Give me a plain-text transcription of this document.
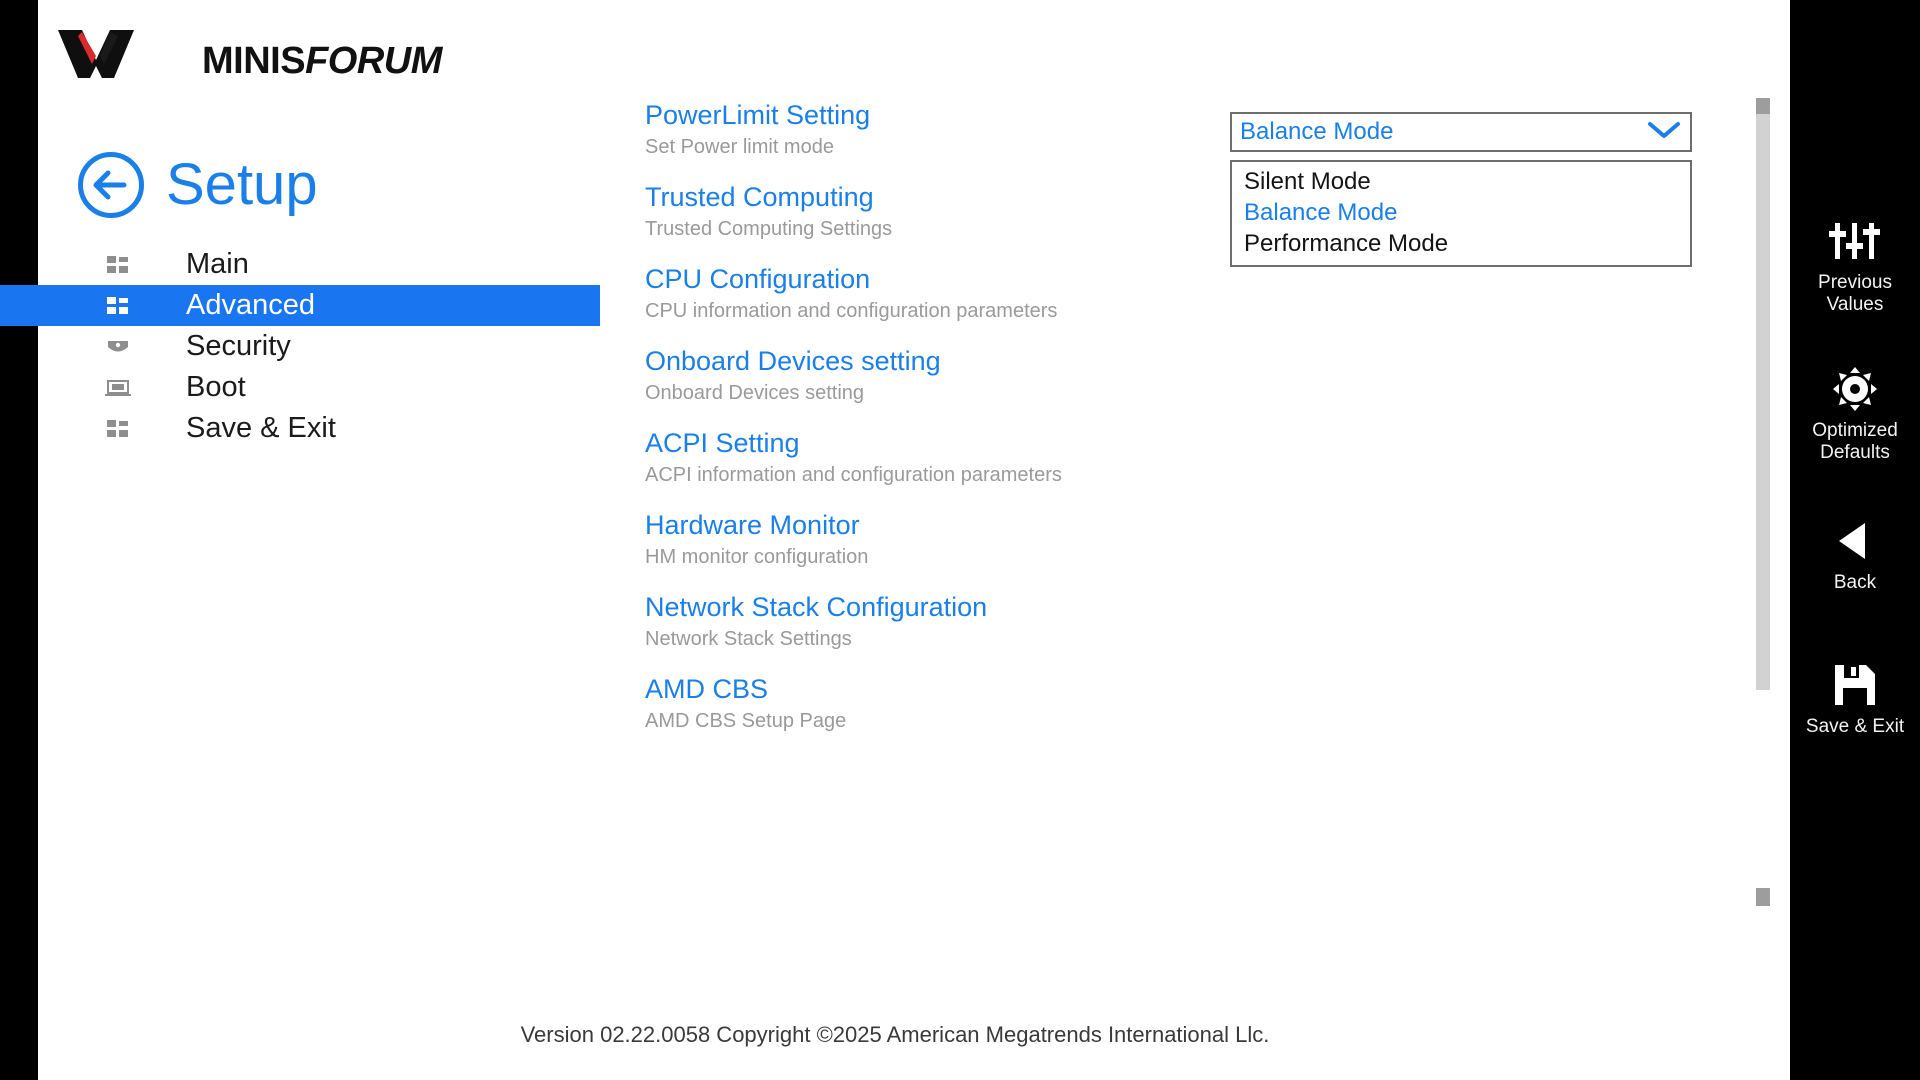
MINISFORUM
Setup
Main
Advanced
Security
Boot
Save & Exit
PowerLimit Setting
Set Power limit mode
Trusted Computing
Trusted Computing Settings
CPU Configuration
CPU information and configuration parameters
Onboard Devices setting
Onboard Devices setting
ACPI Setting
ACPI information and configuration parameters
Hardware Monitor
HM monitor configuration
Network Stack Configuration
Network Stack Settings
AMD CBS
AMD CBS Setup Page
Balance Mode
Silent Mode
Balance Mode
Performance Mode
Version 02.22.0058 Copyright ©2025 American Megatrends International Llc.
Previous
Values
Optimized
Defaults
Back
Save & Exit
